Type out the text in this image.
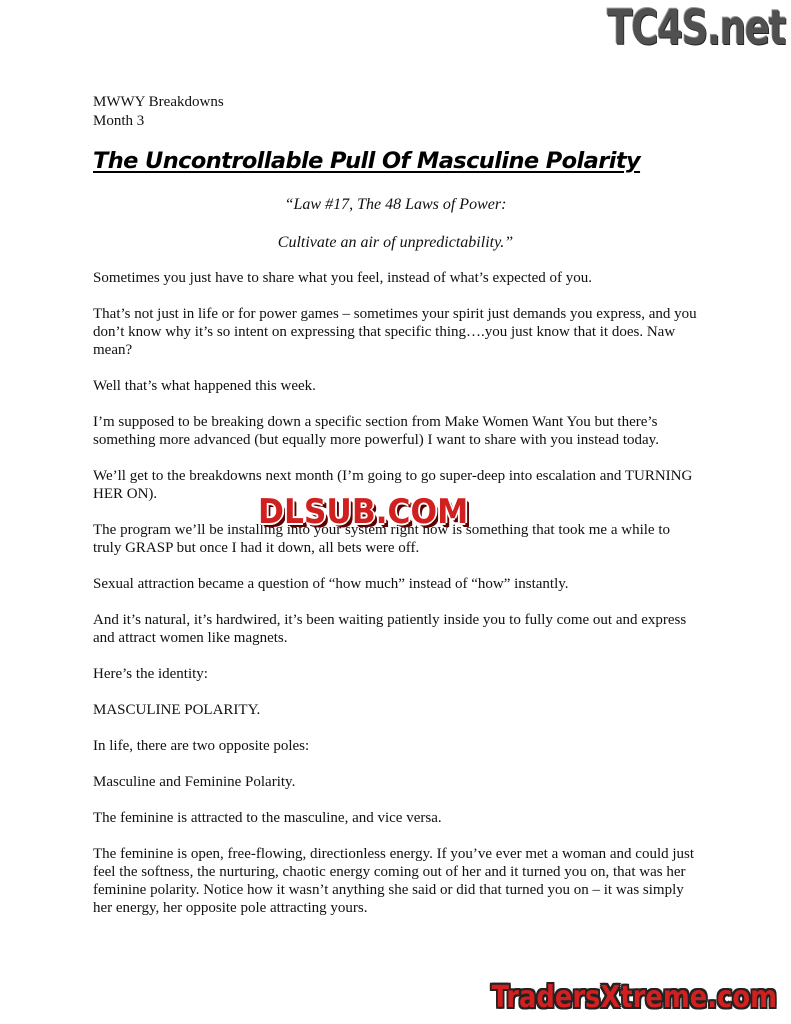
TC4S.net
MWWY Breakdowns
Month 3
The Uncontrollable Pull Of Masculine Polarity
“Law #17, The 48 Laws of Power:
Cultivate an air of unpredictability.”

Sometimes you just have to share what you feel, instead of what’s expected of you.

That’s not just in life or for power games – sometimes your spirit just demands you express, and you don’t know why it’s so intent on expressing that specific thing….you just know that it does. Naw mean?

Well that’s what happened this week.

I’m supposed to be breaking down a specific section from Make Women Want You but there’s something more advanced (but equally more powerful) I want to share with you instead today.

We’ll get to the breakdowns next month (I’m going to go super-deep into escalation and TURNING HER ON).

The program we’ll be installing into your system right now is something that took me a while to truly GRASP but once I had it down, all bets were off.

Sexual attraction became a question of “how much” instead of “how” instantly.

And it’s natural, it’s hardwired, it’s been waiting patiently inside you to fully come out and express and attract women like magnets.

Here’s the identity:

MASCULINE POLARITY.

In life, there are two opposite poles:

Masculine and Feminine Polarity.

The feminine is attracted to the masculine, and vice versa.

The feminine is open, free-flowing, directionless energy. If you’ve ever met a woman and could just feel the softness, the nurturing, chaotic energy coming out of her and it turned you on, that was her feminine polarity. Notice how it wasn’t anything she said or did that turned you on – it was simply her energy, her opposite pole attracting yours.

DLSUB.COM
TradersXtreme.com
